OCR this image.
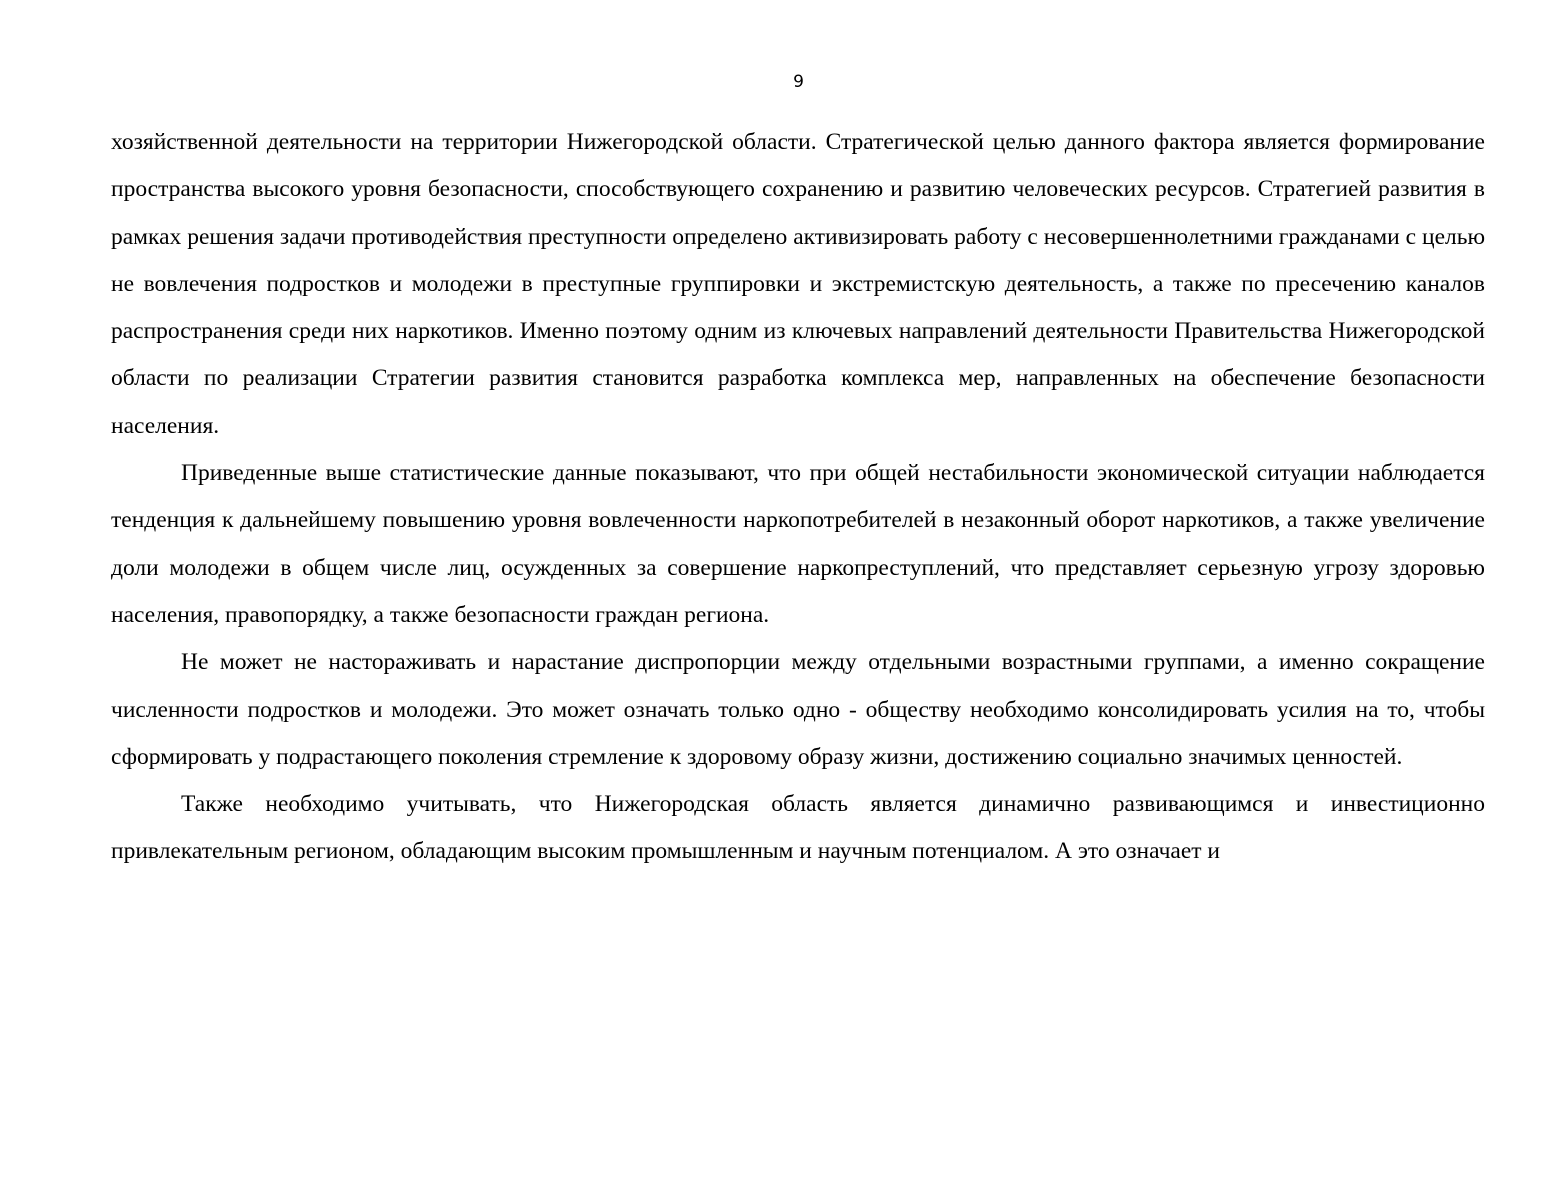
9

хозяйственной деятельности на территории Нижегородской области. Стратегической целью данного фактора является формирование пространства высокого уровня безопасности, способствующего сохранению и развитию человеческих ресурсов. Стратегией развития в рамках решения задачи противодействия преступности определено активизировать работу с несовершеннолетними гражданами с целью не вовлечения подростков и молодежи в преступные группировки и экстремистскую деятельность, а также по пресечению каналов распространения среди них наркотиков. Именно поэтому одним из ключевых направлений деятельности Правительства Нижегородской области по реализации Стратегии развития становится разработка комплекса мер, направленных на обеспечение безопасности населения.

Приведенные выше статистические данные показывают, что при общей нестабильности экономической ситуации наблюдается тенденция к дальнейшему повышению уровня вовлеченности наркопотребителей в незаконный оборот наркотиков, а также увеличение доли молодежи в общем числе лиц, осужденных за совершение наркопреступлений, что представляет серьезную угрозу здоровью населения, правопорядку, а также безопасности граждан региона.

Не может не настораживать и нарастание диспропорции между отдельными возрастными группами, а именно сокращение численности подростков и молодежи. Это может означать только одно - обществу необходимо консолидировать усилия на то, чтобы сформировать у подрастающего поколения стремление к здоровому образу жизни, достижению социально значимых ценностей.

Также необходимо учитывать, что Нижегородская область является динамично развивающимся и инвестиционно привлекательным регионом, обладающим высоким промышленным и научным потенциалом. А это означает и
